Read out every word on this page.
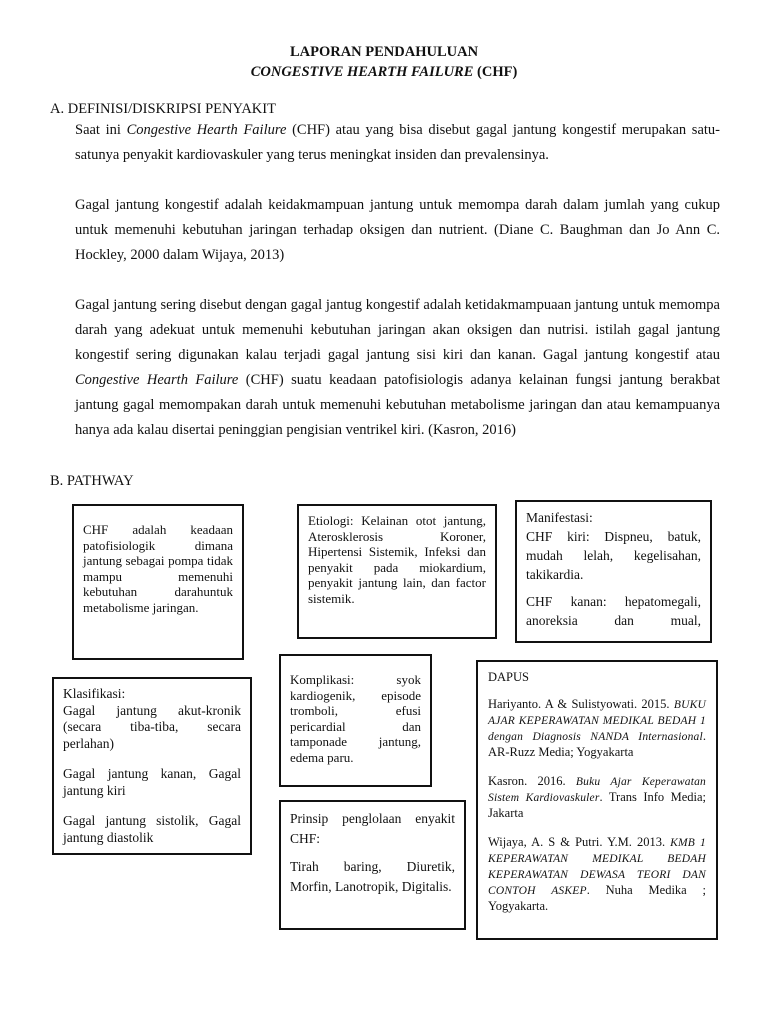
LAPORAN PENDAHULUAN
CONGESTIVE HEARTH FAILURE (CHF)
A. DEFINISI/DISKRIPSI PENYAKIT

Saat ini Congestive Hearth Failure (CHF) atau yang bisa disebut gagal jantung kongestif merupakan satu-satunya penyakit kardiovaskuler yang terus meningkat insiden dan prevalensinya.

Gagal jantung kongestif adalah keidakmampuan jantung untuk memompa darah dalam jumlah yang cukup untuk memenuhi kebutuhan jaringan terhadap oksigen dan nutrient. (Diane C. Baughman dan Jo Ann C. Hockley, 2000 dalam Wijaya, 2013)

Gagal jantung sering disebut dengan gagal jantug kongestif adalah ketidakmampuaan jantung untuk memompa darah yang adekuat untuk memenuhi kebutuhan jaringan akan oksigen dan nutrisi. istilah gagal jantung kongestif sering digunakan kalau terjadi gagal jantung sisi kiri dan kanan. Gagal jantung kongestif atau Congestive Hearth Failure (CHF) suatu keadaan patofisiologis adanya kelainan fungsi jantung berakbat jantung gagal memompakan darah untuk memenuhi kebutuhan metabolisme jaringan dan atau kemampuanya hanya ada kalau disertai peninggian pengisian ventrikel kiri. (Kasron, 2016)

B. PATHWAY

CHF adalah keadaan patofisiologik dimana jantung sebagai pompa tidak mampu memenuhi kebutuhan darahuntuk metabolisme jaringan.

Etiologi: Kelainan otot jantung, Aterosklerosis Koroner, Hipertensi Sistemik, Infeksi dan penyakit pada miokardium, penyakit jantung lain, dan factor sistemik.

Manifestasi:

CHF kiri: Dispneu, batuk, mudah lelah, kegelisahan, takikardia.

CHF kanan: hepatomegali, anoreksia dan mual,

Klasifikasi:

Gagal jantung akut-kronik (secara tiba-tiba, secara perlahan)

Gagal jantung kanan, Gagal jantung kiri

Gagal jantung sistolik, Gagal jantung diastolik

Komplikasi: syok kardiogenik, episode tromboli, efusi pericardial dan tamponade jantung, edema paru.

Prinsip penglolaan enyakit CHF:

Tirah baring, Diuretik, Morfin, Lanotropik, Digitalis.

DAPUS

Hariyanto. A & Sulistyowati. 2015. BUKU AJAR KEPERAWATAN MEDIKAL BEDAH 1 dengan Diagnosis NANDA Internasional. AR-Ruzz Media; Yogyakarta

Kasron. 2016. Buku Ajar Keperawatan Sistem Kardiovaskuler. Trans Info Media; Jakarta

Wijaya, A. S & Putri. Y.M. 2013. KMB 1 KEPERAWATAN MEDIKAL BEDAH KEPERAWATAN DEWASA TEORI DAN CONTOH ASKEP. Nuha Medika ; Yogyakarta.
